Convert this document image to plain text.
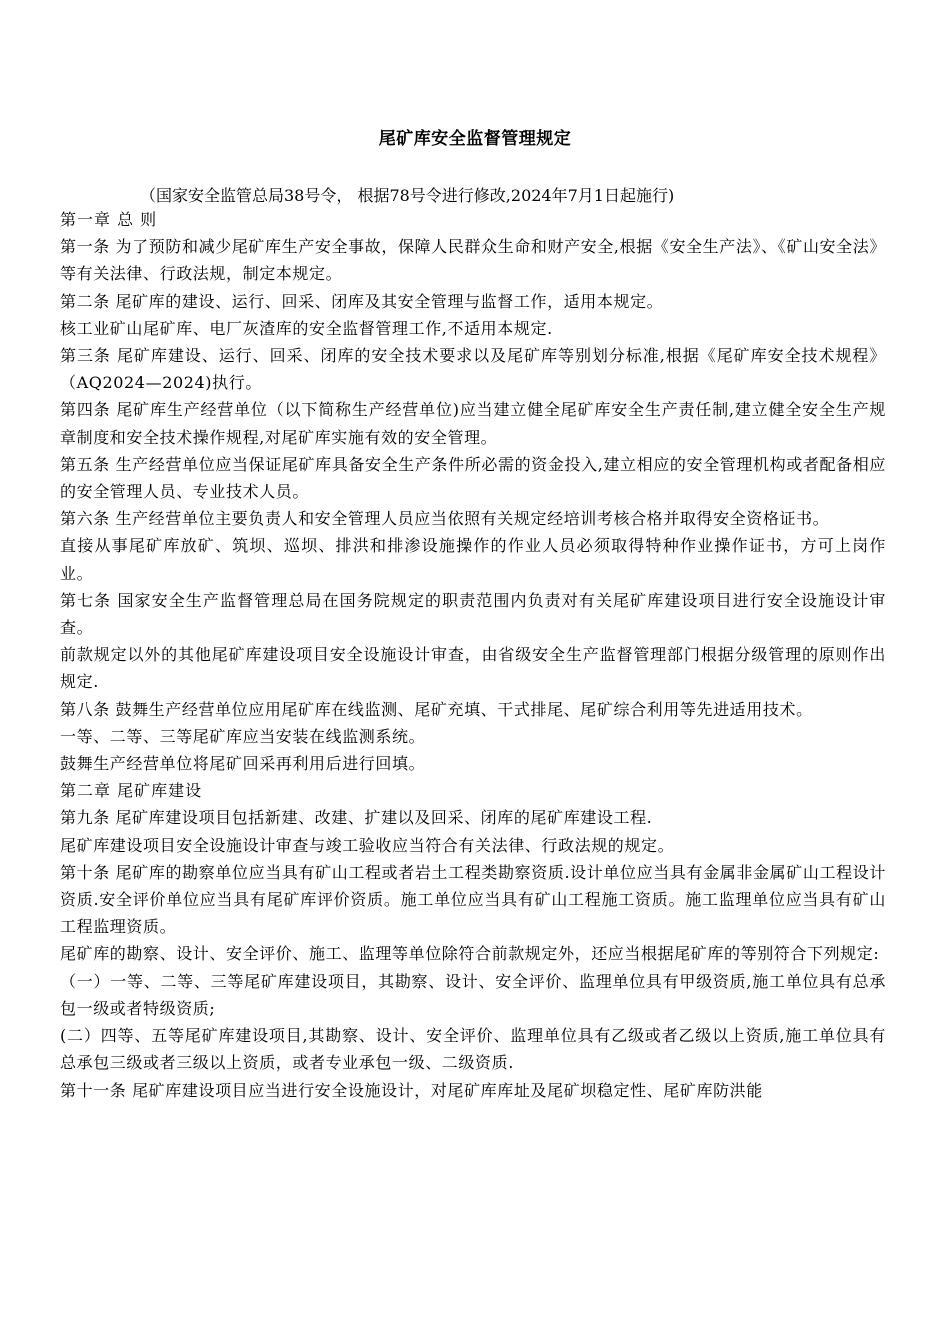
尾矿库安全监督管理规定
（国家安全监管总局38号令， 根据78号令进行修改,2024年7月1日起施行)

第一章 总 则

第一条 为了预防和减少尾矿库生产安全事故，保障人民群众生命和财产安全,根据《安全生产法》、《矿山安全法》等有关法律、行政法规，制定本规定。

第二条 尾矿库的建设、运行、回采、闭库及其安全管理与监督工作，适用本规定。

核工业矿山尾矿库、电厂灰渣库的安全监督管理工作,不适用本规定.

第三条 尾矿库建设、运行、回采、闭库的安全技术要求以及尾矿库等别划分标准,根据《尾矿库安全技术规程》（AQ2024—2024)执行。

第四条 尾矿库生产经营单位（以下简称生产经营单位)应当建立健全尾矿库安全生产责任制,建立健全安全生产规章制度和安全技术操作规程,对尾矿库实施有效的安全管理。

第五条 生产经营单位应当保证尾矿库具备安全生产条件所必需的资金投入,建立相应的安全管理机构或者配备相应的安全管理人员、专业技术人员。

第六条 生产经营单位主要负责人和安全管理人员应当依照有关规定经培训考核合格并取得安全资格证书。

直接从事尾矿库放矿、筑坝、巡坝、排洪和排渗设施操作的作业人员必须取得特种作业操作证书，方可上岗作业。

第七条 国家安全生产监督管理总局在国务院规定的职责范围内负责对有关尾矿库建设项目进行安全设施设计审查。

前款规定以外的其他尾矿库建设项目安全设施设计审查，由省级安全生产监督管理部门根据分级管理的原则作出规定.

第八条 鼓舞生产经营单位应用尾矿库在线监测、尾矿充填、干式排尾、尾矿综合利用等先进适用技术。

一等、二等、三等尾矿库应当安装在线监测系统。

鼓舞生产经营单位将尾矿回采再利用后进行回填。

第二章 尾矿库建设

第九条 尾矿库建设项目包括新建、改建、扩建以及回采、闭库的尾矿库建设工程.

尾矿库建设项目安全设施设计审查与竣工验收应当符合有关法律、行政法规的规定。

第十条 尾矿库的勘察单位应当具有矿山工程或者岩土工程类勘察资质.设计单位应当具有金属非金属矿山工程设计资质.安全评价单位应当具有尾矿库评价资质。施工单位应当具有矿山工程施工资质。施工监理单位应当具有矿山工程监理资质。

尾矿库的勘察、设计、安全评价、施工、监理等单位除符合前款规定外，还应当根据尾矿库的等别符合下列规定:

（一）一等、二等、三等尾矿库建设项目，其勘察、设计、安全评价、监理单位具有甲级资质,施工单位具有总承包一级或者特级资质;

(二）四等、五等尾矿库建设项目,其勘察、设计、安全评价、监理单位具有乙级或者乙级以上资质,施工单位具有总承包三级或者三级以上资质，或者专业承包一级、二级资质.

第十一条 尾矿库建设项目应当进行安全设施设计，对尾矿库库址及尾矿坝稳定性、尾矿库防洪能
